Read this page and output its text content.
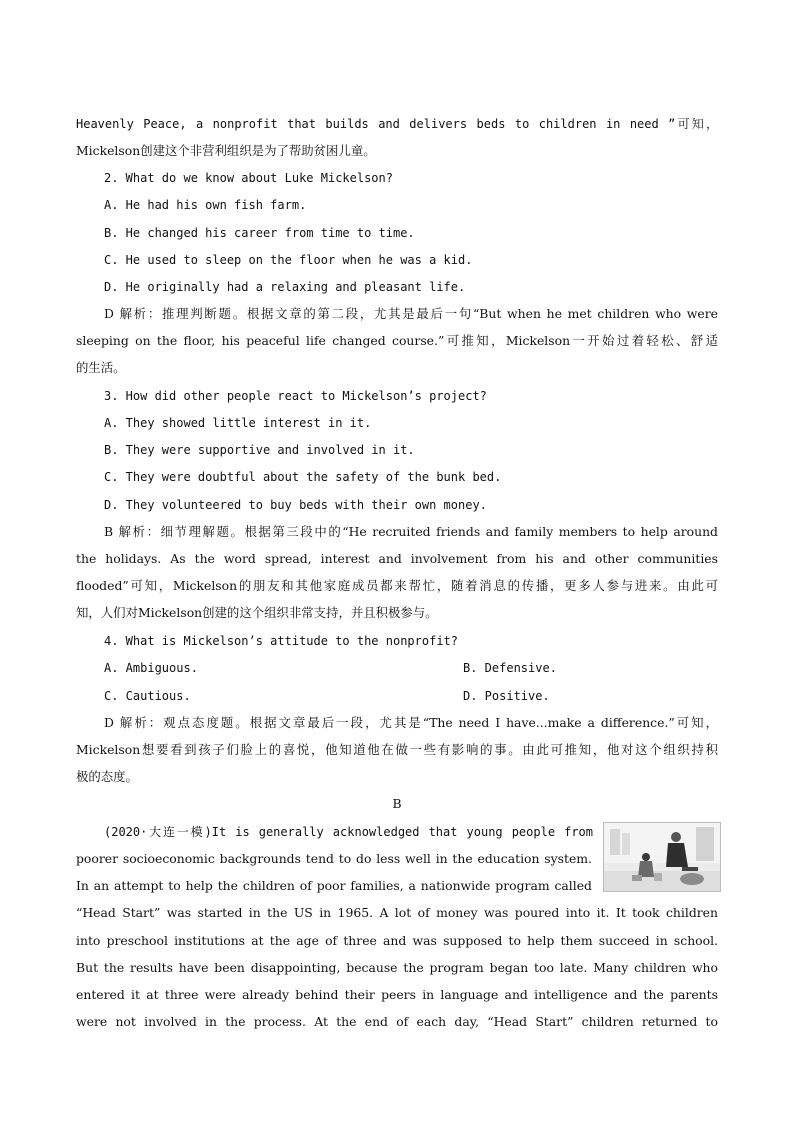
Heavenly Peace, a nonprofit that builds and delivers beds to children in need ”可知，
Mickelson创建这个非营利组织是为了帮助贫困儿童。
2. What do we know about Luke Mickelson?
A. He had his own fish farm.
B. He changed his career from time to time.
C. He used to sleep on the floor when he was a kid.
D. He originally had a relaxing and pleasant life.
D 解析：推理判断题。根据文章的第二段，尤其是最后一句“But when he met children who were
sleeping on the floor, his peaceful life changed course.”可推知，Mickelson一开始过着轻松、舒适
的生活。
3. How did other people react to Mickelson’s project?
A. They showed little interest in it.
B. They were supportive and involved in it.
C. They were doubtful about the safety of the bunk bed.
D. They volunteered to buy beds with their own money.
B 解析：细节理解题。根据第三段中的“He recruited friends and family members to help around
the holidays. As the word spread, interest and involvement from his and other communities
flooded”可知，Mickelson的朋友和其他家庭成员都来帮忙，随着消息的传播，更多人参与进来。由此可
知，人们对Mickelson创建的这个组织非常支持，并且积极参与。
4. What is Mickelson’s attitude to the nonprofit?
A. Ambiguous.	B. Defensive.
C. Cautious.	D. Positive.
D 解析：观点态度题。根据文章最后一段，尤其是“The need I have...make a difference.”可知，
Mickelson想要看到孩子们脸上的喜悦，他知道他在做一些有影响的事。由此可推知，他对这个组织持积
极的态度。
B
(2020·大连一模)It is generally acknowledged that young people from
poorer socioeconomic backgrounds tend to do less well in the education system.
In an attempt to help the children of poor families, a nationwide program called
“Head Start” was started in the US in 1965. A lot of money was poured into it. It took children
into preschool institutions at the age of three and was supposed to help them succeed in school.
But the results have been disappointing, because the program began too late. Many children who
entered it at three were already behind their peers in language and intelligence and the parents
were not involved in the process. At the end of each day, “Head Start” children returned to
